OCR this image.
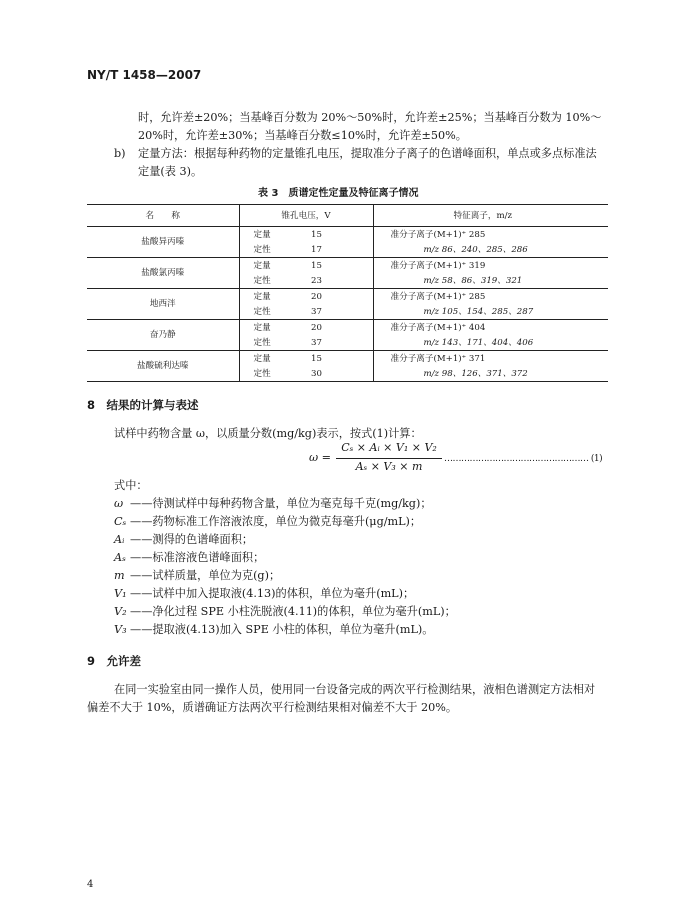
NY/T 1458—2007
时，允许差±20%；当基峰百分数为 20%～50%时，允许差±25%；当基峰百分数为 10%～
20%时，允许差±30%；当基峰百分数≤10%时，允许差±50%。
b) 定量方法：根据每种药物的定量锥孔电压，提取准分子离子的色谱峰面积，单点或多点标准法
定量(表 3)。
表 3　质谱定性定量及特征离子情况
名　　称	锥孔电压，V		特征离子，m/z
盐酸异丙嗪	定量	15	准分子离子(M+1)⁺ 285
	定性	17	m/z 86、240、285、286
盐酸氯丙嗪	定量	15	准分子离子(M+1)⁺ 319
	定性	23	m/z 58、86、319、321
地西泮	定量	20	准分子离子(M+1)⁺ 285
	定性	37	m/z 105、154、285、287
奋乃静	定量	20	准分子离子(M+1)⁺ 404
	定性	37	m/z 143、171、404、406
盐酸硫利达嗪	定量	15	准分子离子(M+1)⁺ 371
	定性	30	m/z 98、126、371、372
8　结果的计算与表述
试样中药物含量 ω，以质量分数(mg/kg)表示，按式(1)计算：
ω =
Cₛ × Aᵢ × V₁ × V₂
Aₛ × V₃ × m
…………………………………………… (1)
式中：
ω ——待测试样中每种药物含量，单位为毫克每千克(mg/kg)；
Cₛ ——药物标准工作溶液浓度，单位为微克每毫升(μg/mL)；
Aᵢ ——测得的色谱峰面积；
Aₛ ——标准溶液色谱峰面积；
m ——试样质量，单位为克(g)；
V₁ ——试样中加入提取液(4.13)的体积，单位为毫升(mL)；
V₂ ——净化过程 SPE 小柱洗脱液(4.11)的体积，单位为毫升(mL)；
V₃ ——提取液(4.13)加入 SPE 小柱的体积，单位为毫升(mL)。
9　允许差
在同一实验室由同一操作人员，使用同一台设备完成的两次平行检测结果，液相色谱测定方法相对
偏差不大于 10%，质谱确证方法两次平行检测结果相对偏差不大于 20%。
4
